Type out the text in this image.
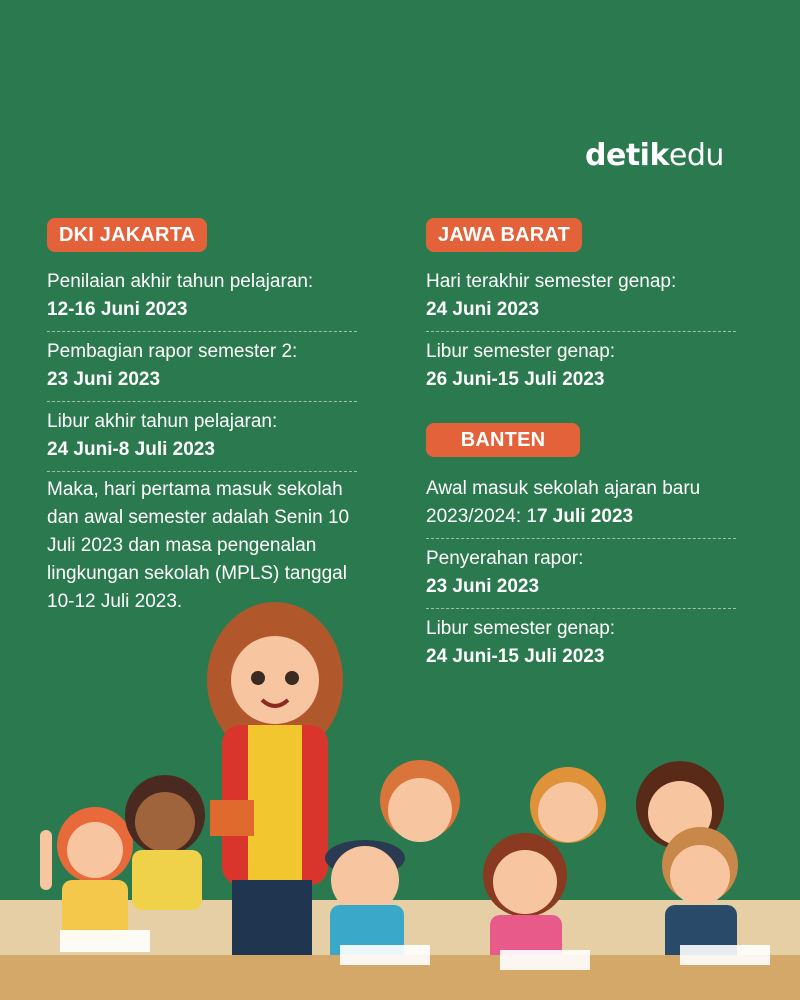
detikedu
DKI JAKARTA
Penilaian akhir tahun pelajaran:
12-16 Juni 2023
Pembagian rapor semester 2:
23 Juni 2023
Libur akhir tahun pelajaran:
24 Juni-8 Juli 2023
Maka, hari pertama masuk sekolah dan awal semester adalah Senin 10 Juli 2023 dan masa pengenalan lingkungan sekolah (MPLS) tanggal 10-12 Juli 2023.
JAWA BARAT
Hari terakhir semester genap:
24 Juni 2023
Libur semester genap:
26 Juni-15 Juli 2023
BANTEN
Awal masuk sekolah ajaran baru
2023/2024: 17 Juli 2023
Penyerahan rapor:
23 Juni 2023
Libur semester genap:
24 Juni-15 Juli 2023
